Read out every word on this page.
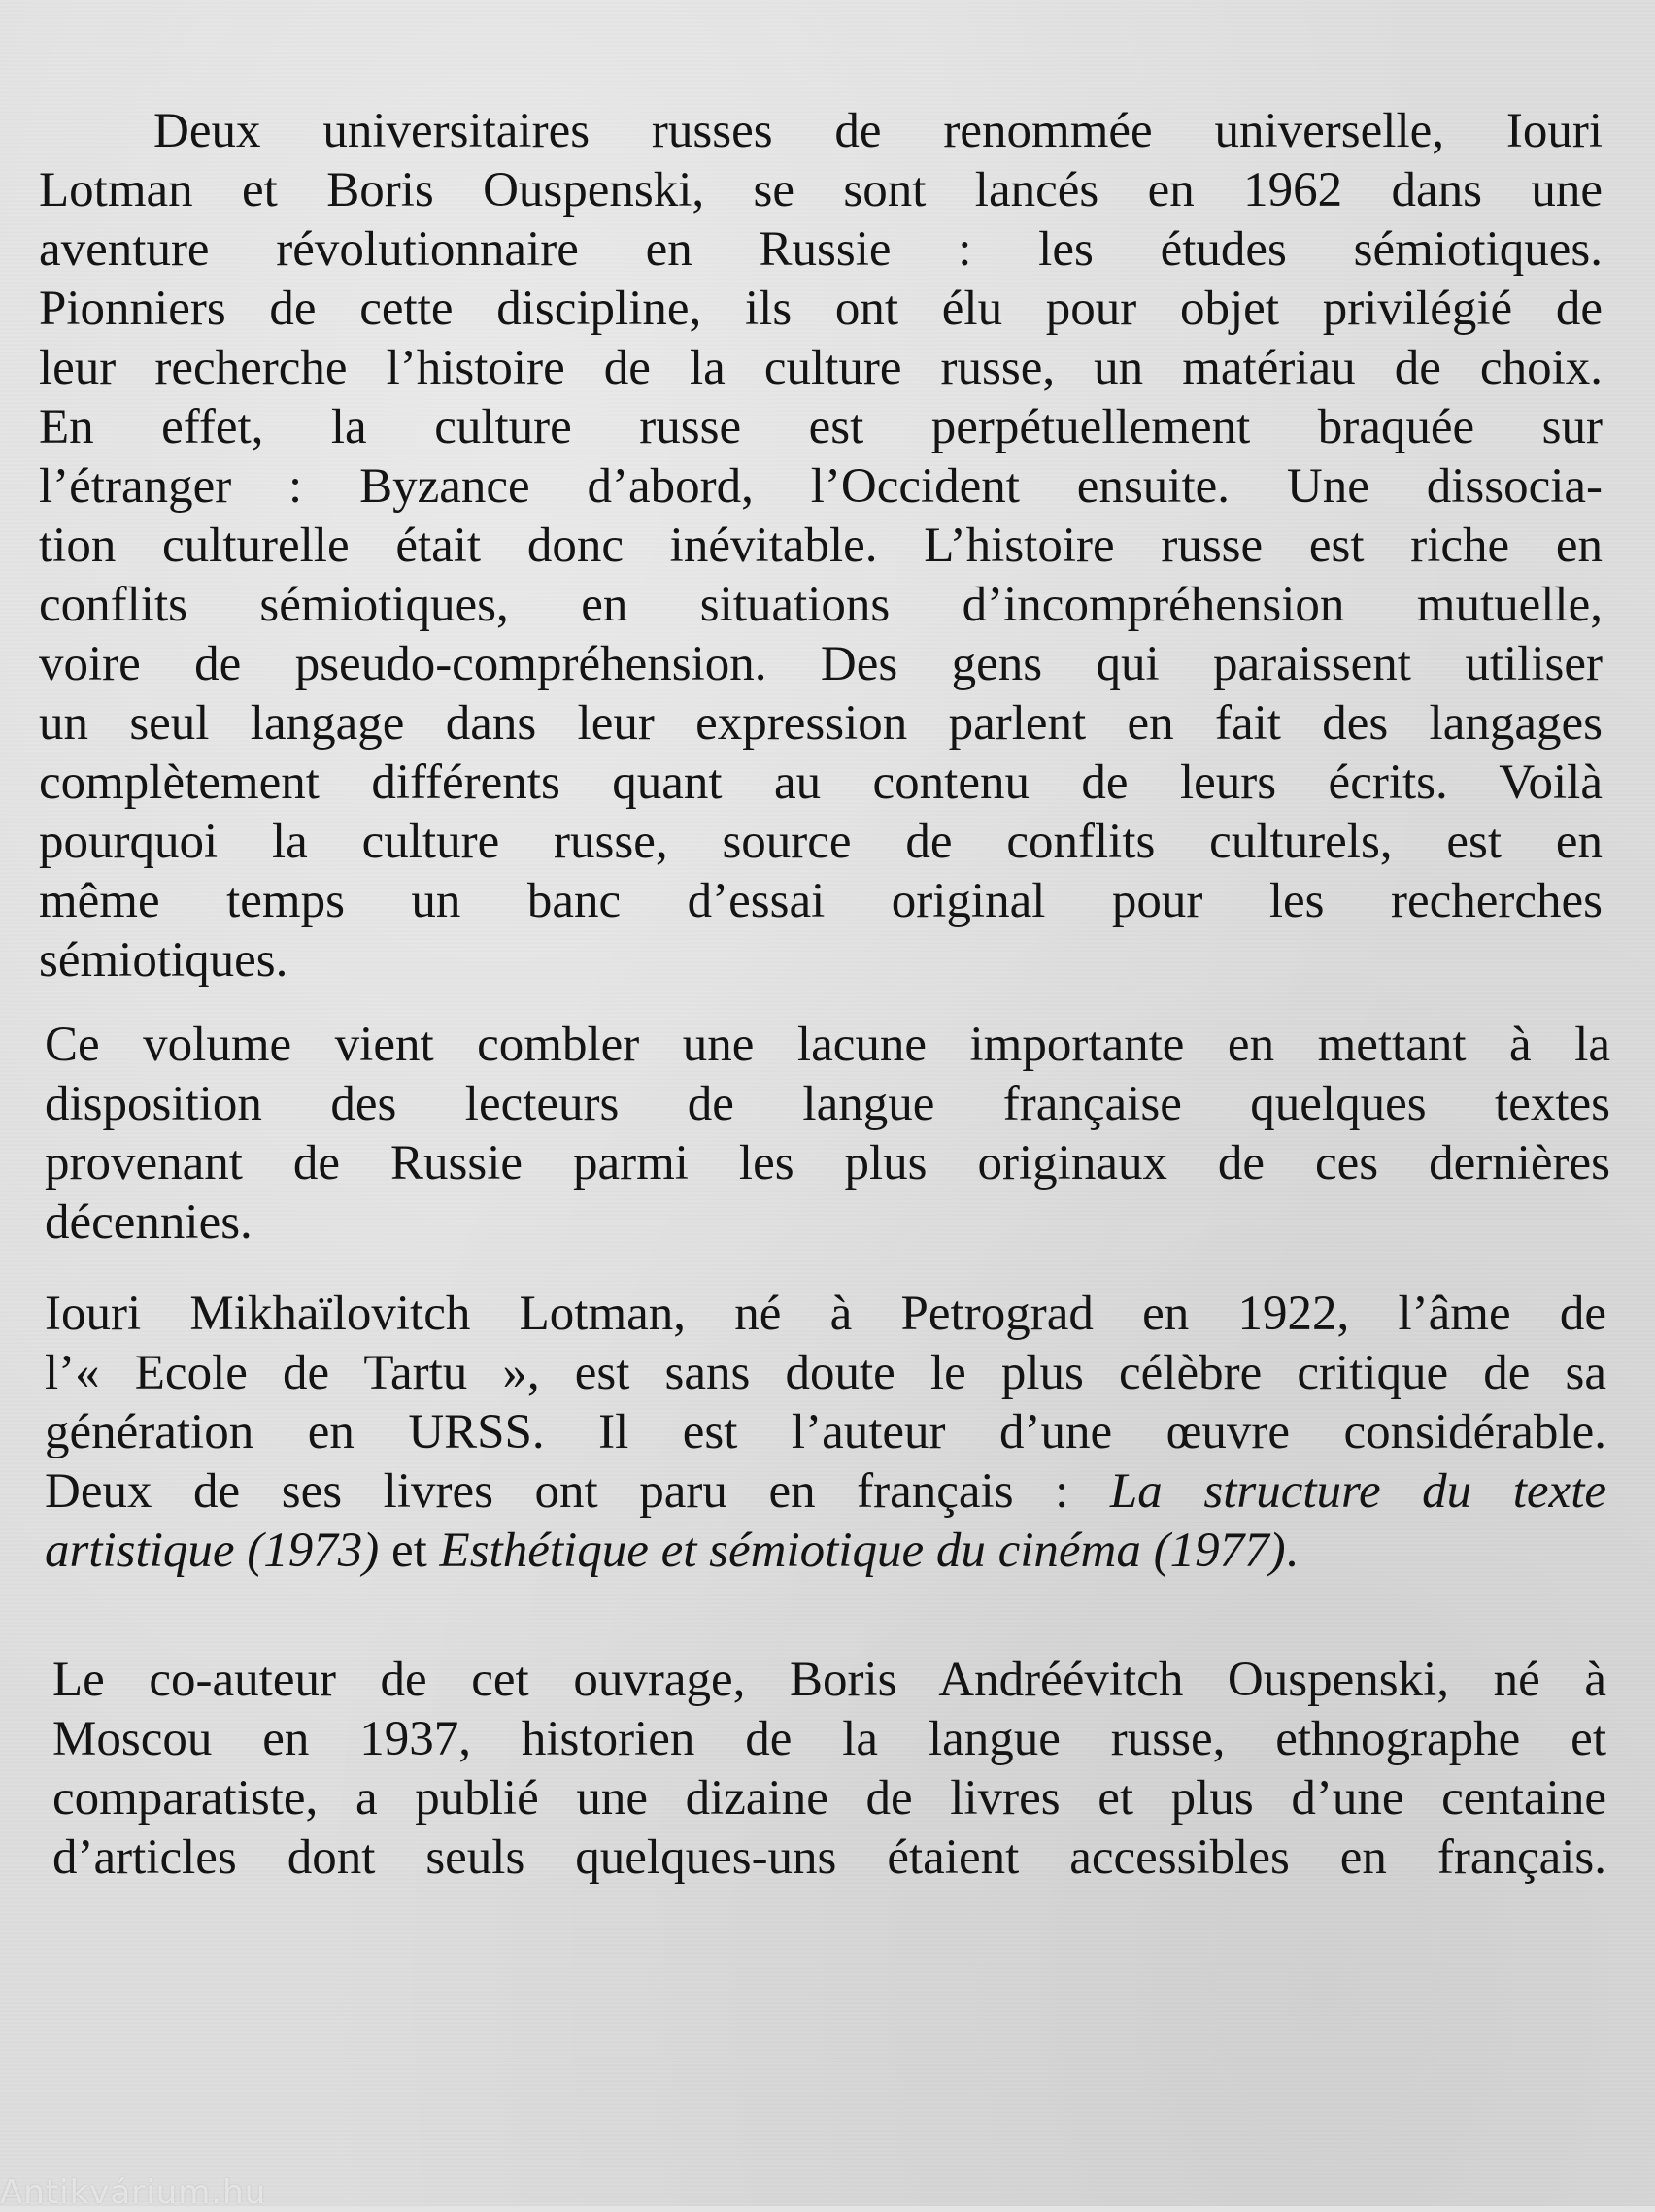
Deux universitaires russes de renommée universelle, Iouri
Lotman et Boris Ouspenski, se sont lancés en 1962 dans une
aventure révolutionnaire en Russie : les études sémiotiques.
Pionniers de cette discipline, ils ont élu pour objet privilégié de
leur recherche l’histoire de la culture russe, un matériau de choix.
En effet, la culture russe est perpétuellement braquée sur
l’étranger : Byzance d’abord, l’Occident ensuite. Une dissocia-
tion culturelle était donc inévitable. L’histoire russe est riche en
conflits sémiotiques, en situations d’incompréhension mutuelle,
voire de pseudo-compréhension. Des gens qui paraissent utiliser
un seul langage dans leur expression parlent en fait des langages
complètement différents quant au contenu de leurs écrits. Voilà
pourquoi la culture russe, source de conflits culturels, est en
même temps un banc d’essai original pour les recherches
sémiotiques.
Ce volume vient combler une lacune importante en mettant à la
disposition des lecteurs de langue française quelques textes
provenant de Russie parmi les plus originaux de ces dernières
décennies.
Iouri Mikhaïlovitch Lotman, né à Petrograd en 1922, l’âme de
l’« Ecole de Tartu », est sans doute le plus célèbre critique de sa
génération en URSS. Il est l’auteur d’une œuvre considérable.
Deux de ses livres ont paru en français : La structure du texte
artistique (1973) et Esthétique et sémiotique du cinéma (1977).
Le co-auteur de cet ouvrage, Boris Andréévitch Ouspenski, né à
Moscou en 1937, historien de la langue russe, ethnographe et
comparatiste, a publié une dizaine de livres et plus d’une centaine
d’articles dont seuls quelques-uns étaient accessibles en français.
Antikvárium.hu
